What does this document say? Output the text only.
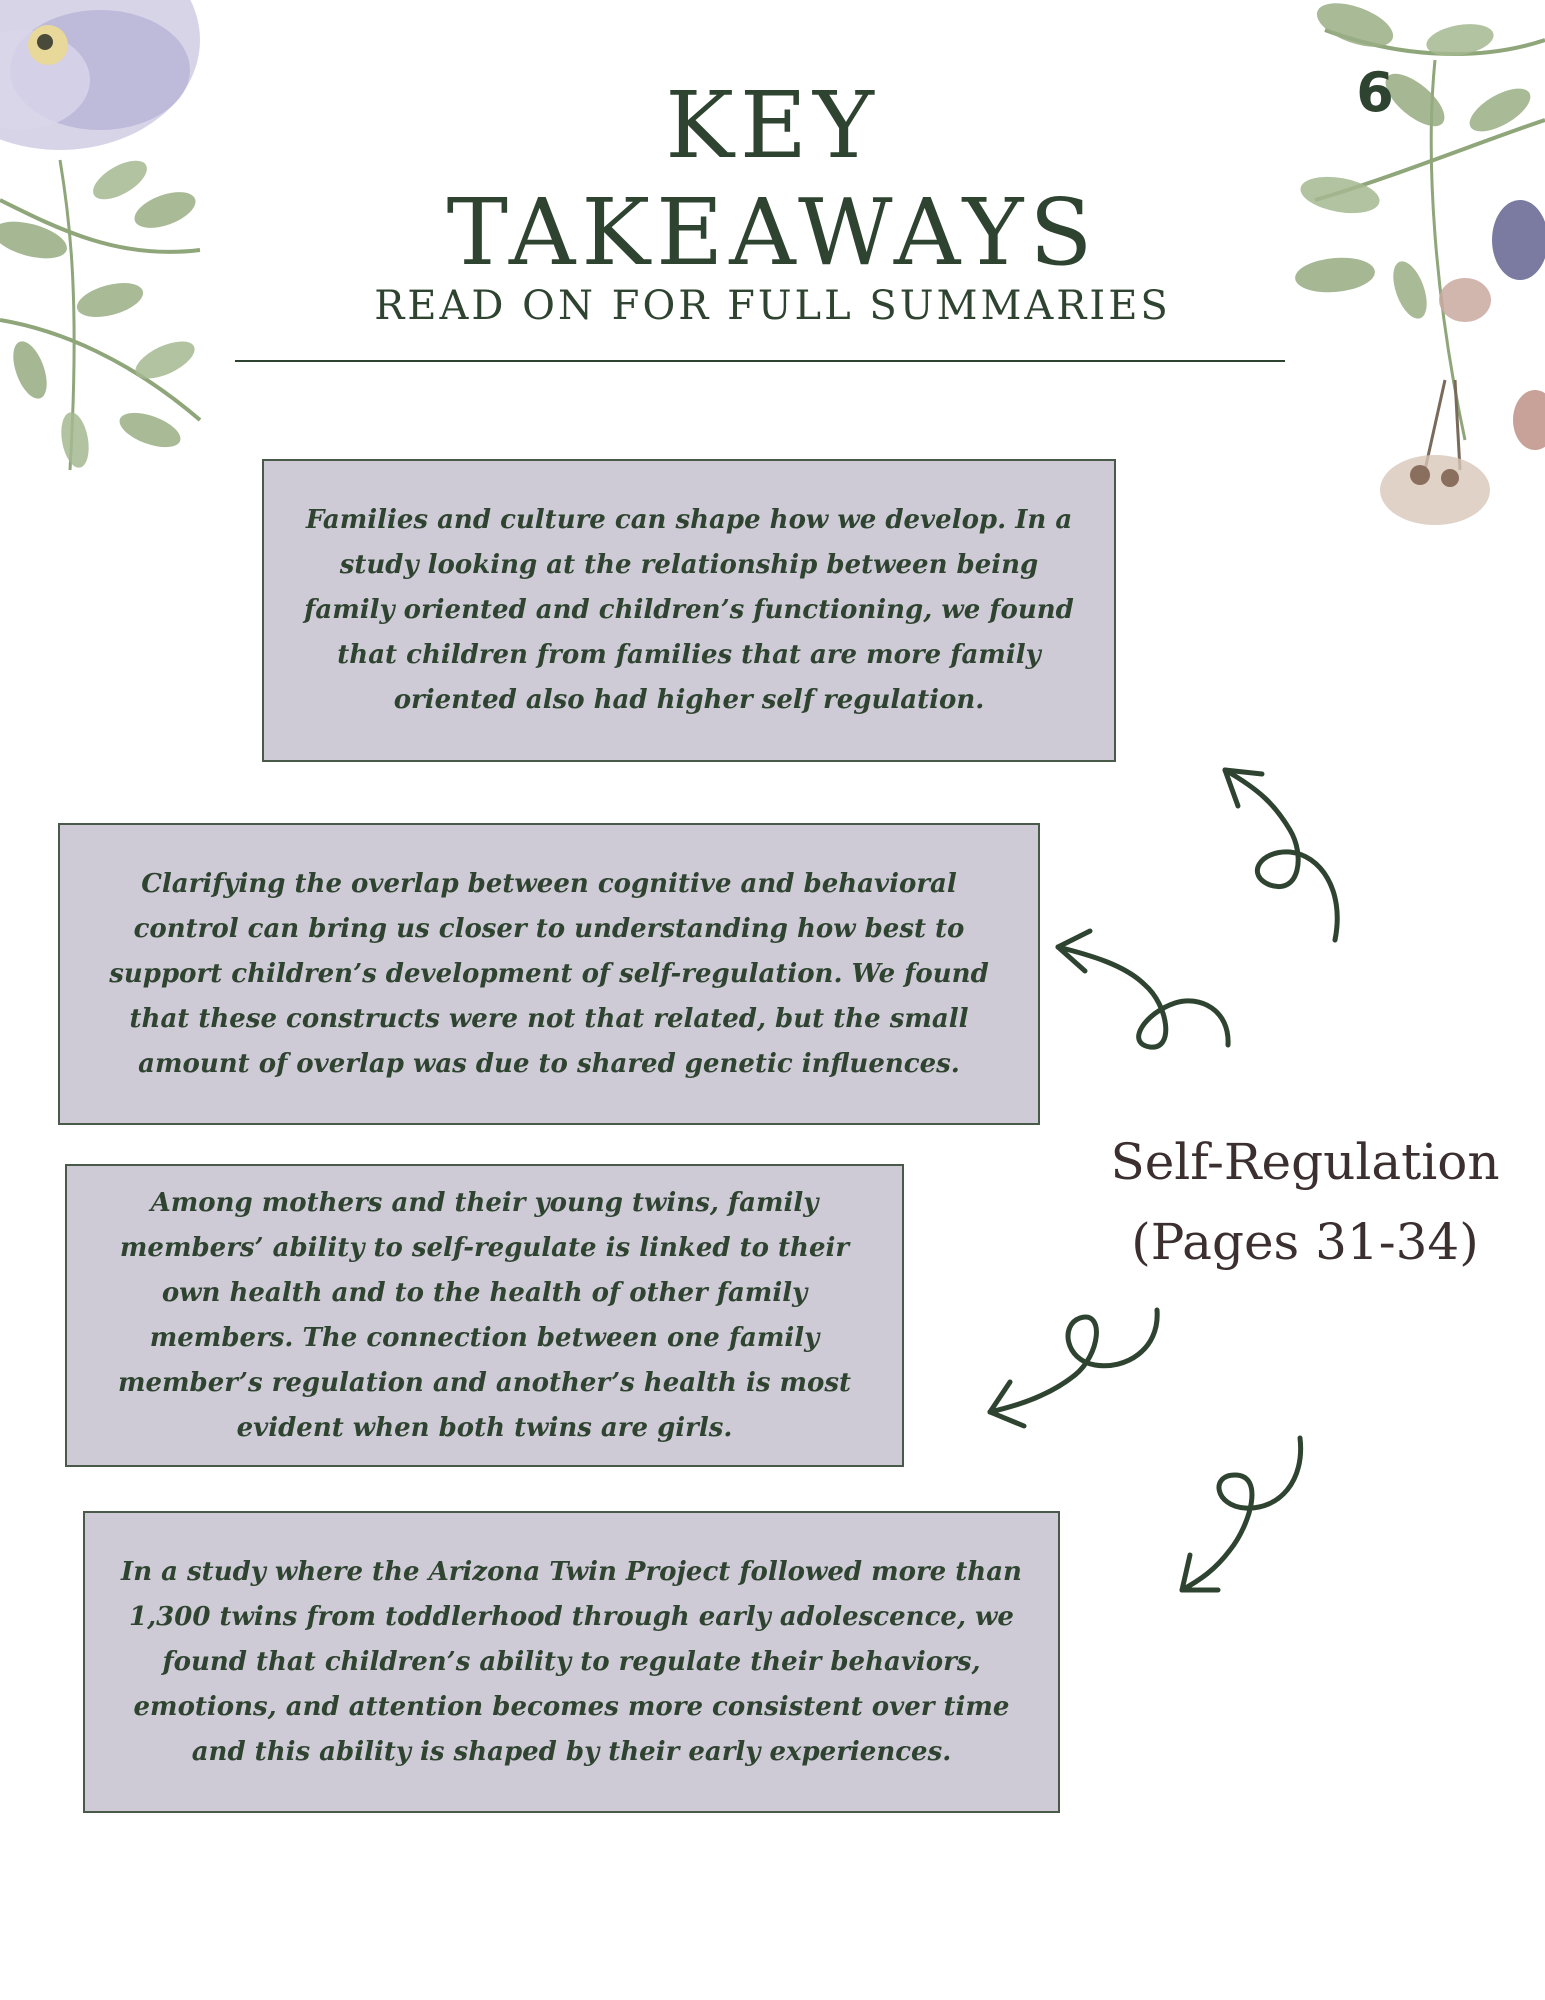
6
KEY
TAKEAWAYS
READ ON FOR FULL SUMMARIES

Families and culture can shape how we develop. In a study looking at the relationship between being family oriented and children’s functioning, we found that children from families that are more family oriented also had higher self regulation.

Clarifying the overlap between cognitive and behavioral control can bring us closer to understanding how best to support children’s development of self-regulation. We found that these constructs were not that related, but the small amount of overlap was due to shared genetic influences.

Among mothers and their young twins, family members’ ability to self-regulate is linked to their own health and to the health of other family members. The connection between one family member’s regulation and another’s health is most evident when both twins are girls.

In a study where the Arizona Twin Project followed more than 1,300 twins from toddlerhood through early adolescence, we found that children’s ability to regulate their behaviors, emotions, and attention becomes more consistent over time and this ability is shaped by their early experiences.

Self-Regulation
(Pages 31-34)
